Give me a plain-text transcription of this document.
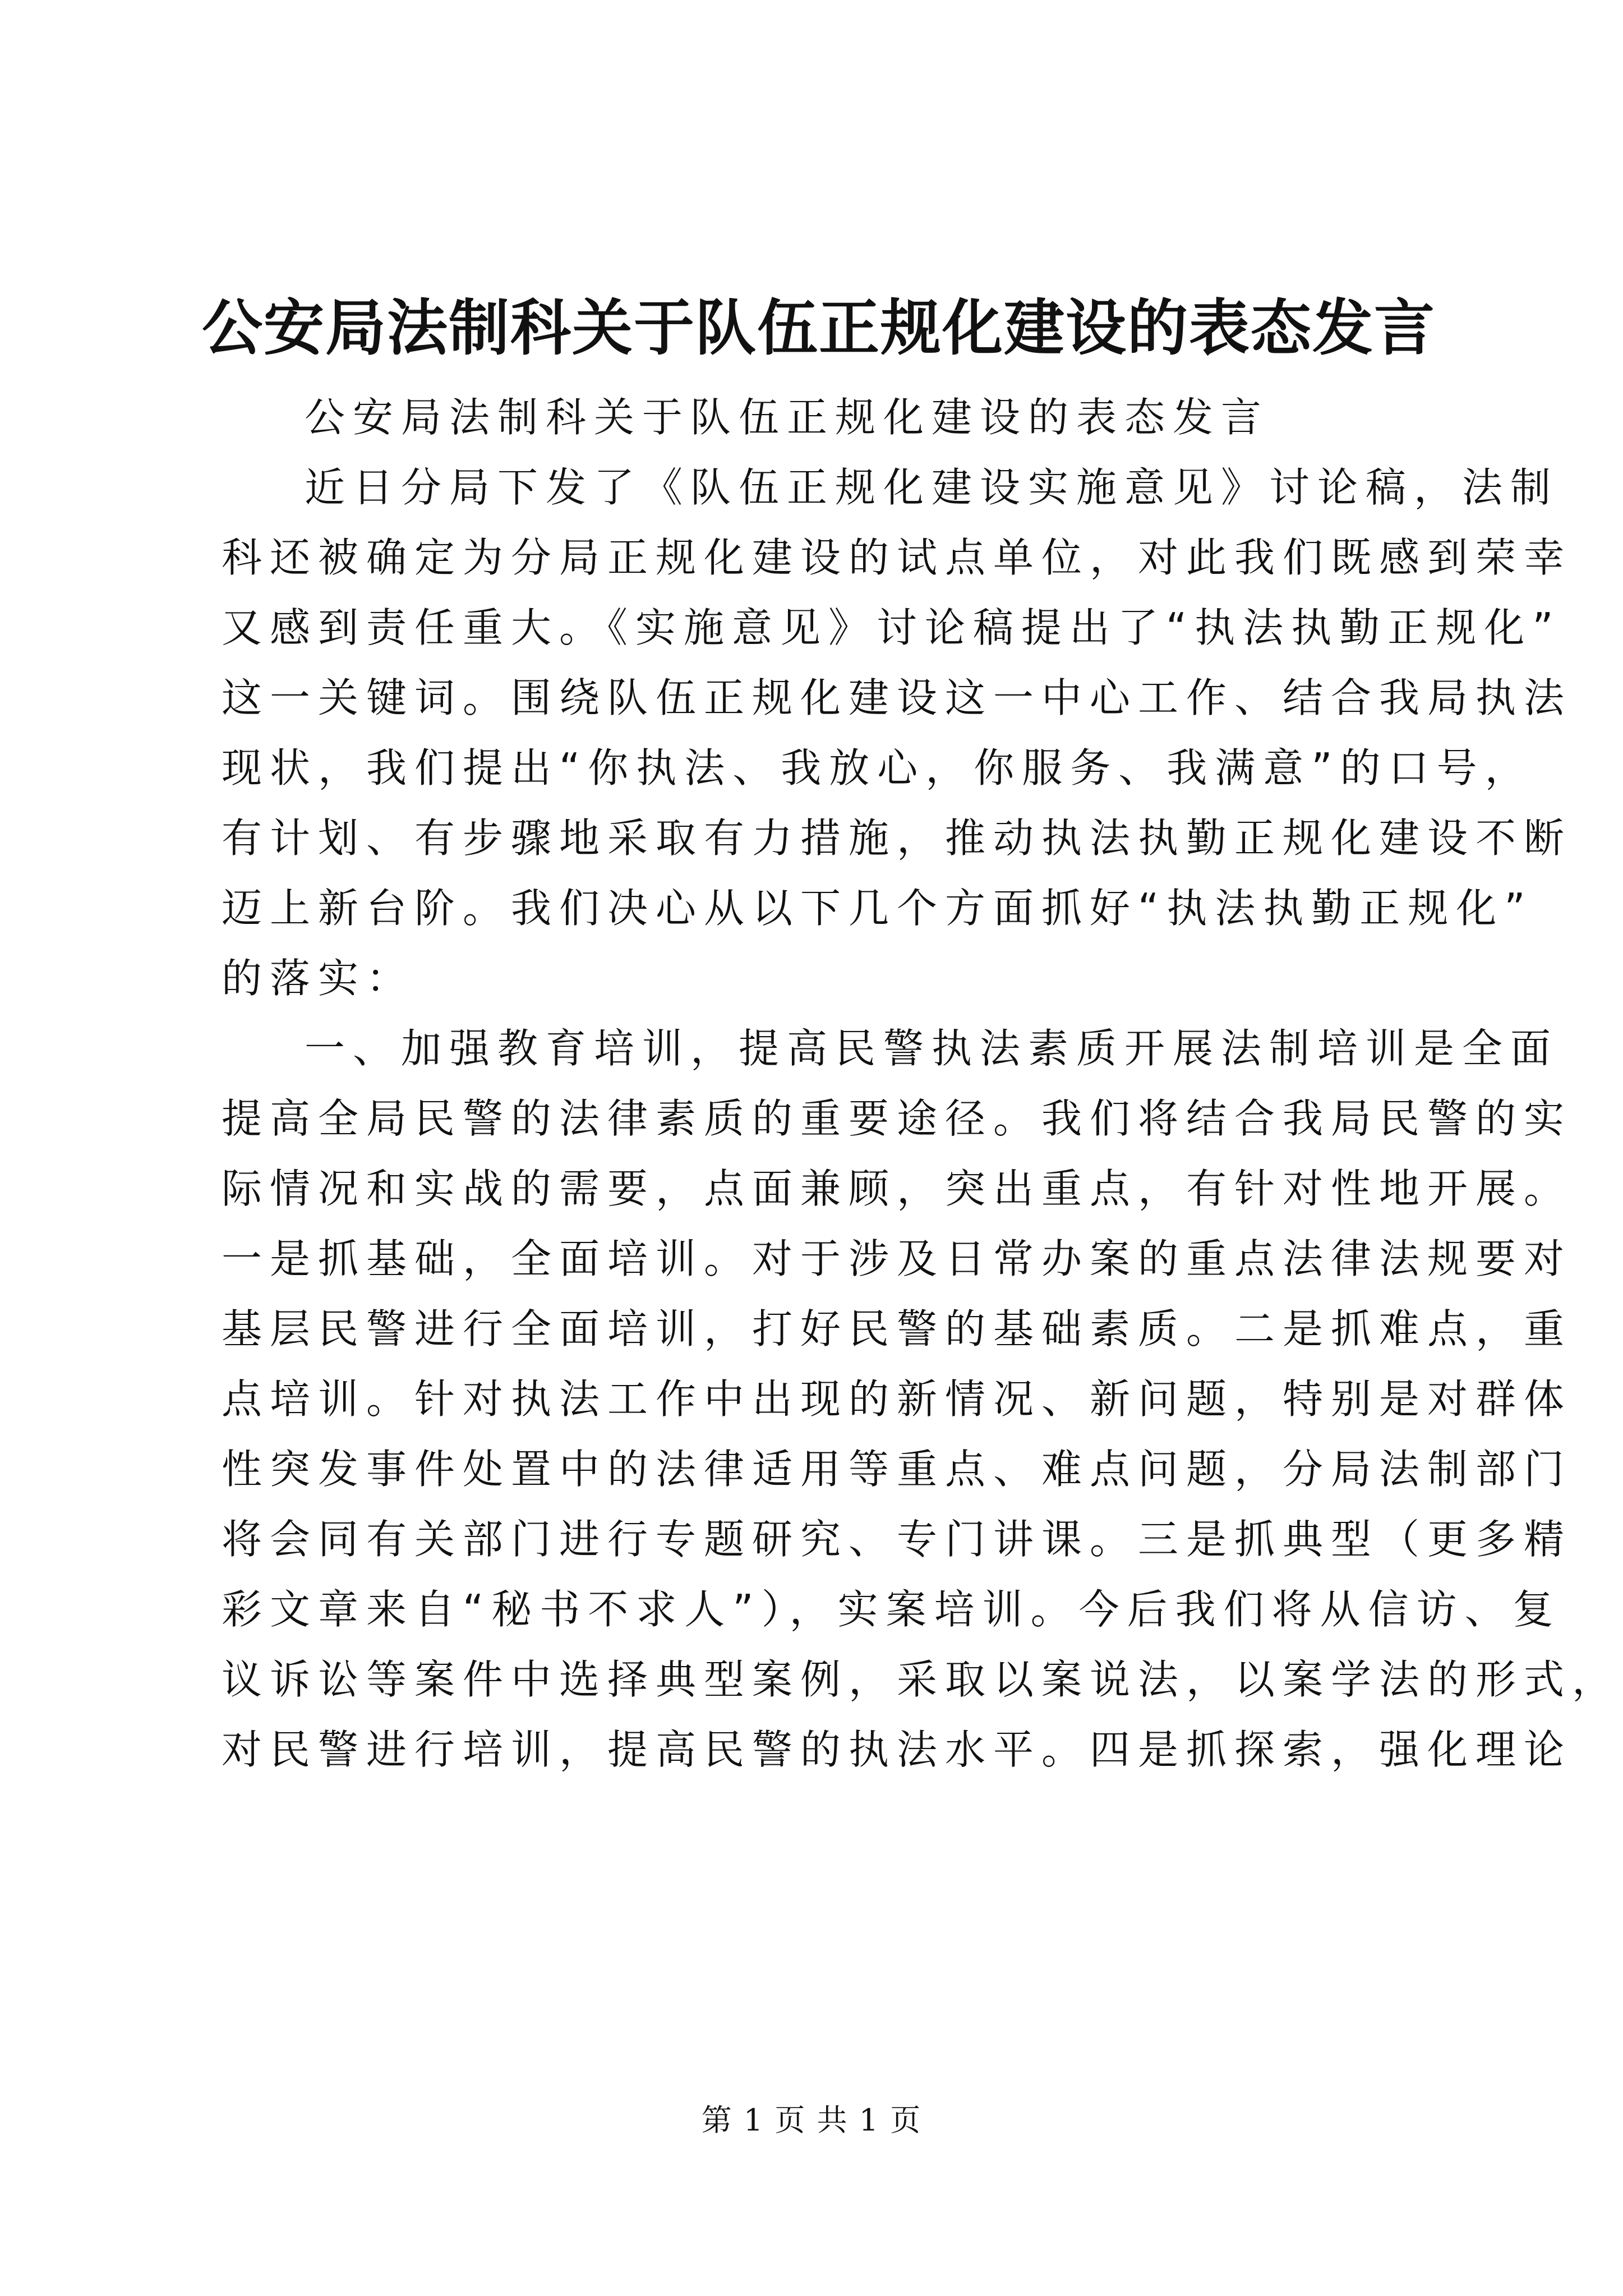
公安局法制科关于队伍正规化建设的表态发言

公安局法制科关于队伍正规化建设的表态发言

近日分局下发了《队伍正规化建设实施意见》讨论稿，法制
科还被确定为分局正规化建设的试点单位，对此我们既感到荣幸
又感到责任重大。《实施意见》讨论稿提出了“执法执勤正规化”
这一关键词。围绕队伍正规化建设这一中心工作、结合我局执法
现状，我们提出“你执法、我放心，你服务、我满意”的口号，
有计划、有步骤地采取有力措施，推动执法执勤正规化建设不断
迈上新台阶。我们决心从以下几个方面抓好“执法执勤正规化”
的落实：

一、加强教育培训，提高民警执法素质开展法制培训是全面
提高全局民警的法律素质的重要途径。我们将结合我局民警的实
际情况和实战的需要，点面兼顾，突出重点，有针对性地开展。
一是抓基础，全面培训。对于涉及日常办案的重点法律法规要对
基层民警进行全面培训，打好民警的基础素质。二是抓难点，重
点培训。针对执法工作中出现的新情况、新问题，特别是对群体
性突发事件处置中的法律适用等重点、难点问题，分局法制部门
将会同有关部门进行专题研究、专门讲课。三是抓典型（更多精
彩文章来自“秘书不求人”），实案培训。今后我们将从信访、复
议诉讼等案件中选择典型案例，采取以案说法，以案学法的形式，
对民警进行培训，提高民警的执法水平。四是抓探索，强化理论

第 1 页 共 1 页
